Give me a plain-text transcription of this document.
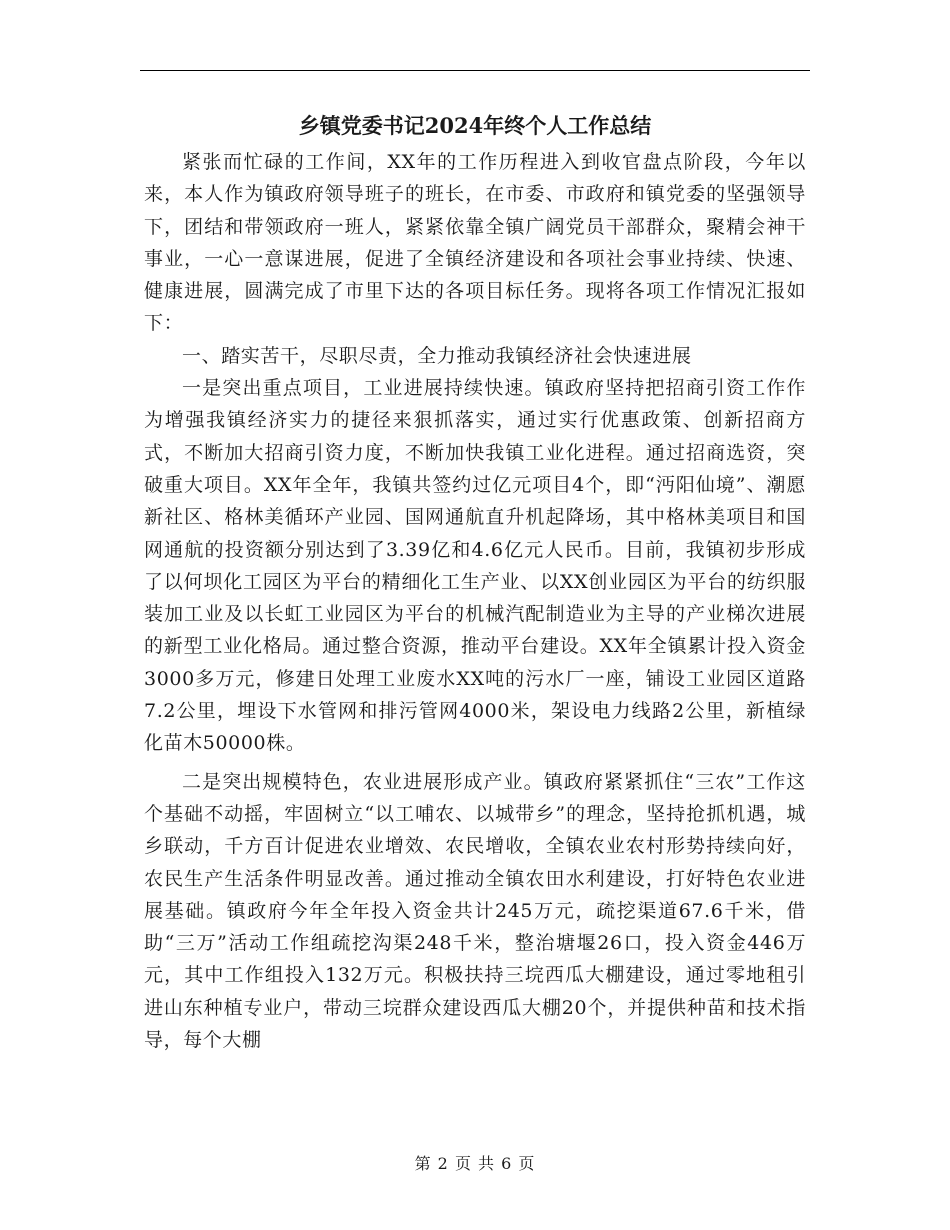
乡镇党委书记2024年终个人工作总结

紧张而忙碌的工作间，XX年的工作历程进入到收官盘点阶段，今年以来，本人作为镇政府领导班子的班长，在市委、市政府和镇党委的坚强领导下，团结和带领政府一班人，紧紧依靠全镇广阔党员干部群众，聚精会神干事业，一心一意谋进展，促进了全镇经济建设和各项社会事业持续、快速、健康进展，圆满完成了市里下达的各项目标任务。现将各项工作情况汇报如下：

一、踏实苦干，尽职尽责，全力推动我镇经济社会快速进展

一是突出重点项目，工业进展持续快速。镇政府坚持把招商引资工作作为增强我镇经济实力的捷径来狠抓落实，通过实行优惠政策、创新招商方式，不断加大招商引资力度，不断加快我镇工业化进程。通过招商选资，突破重大项目。XX年全年，我镇共签约过亿元项目4个，即“沔阳仙境”、潮愿新社区、格林美循环产业园、国网通航直升机起降场，其中格林美项目和国网通航的投资额分别达到了3.39亿和4.6亿元人民币。目前，我镇初步形成了以何坝化工园区为平台的精细化工生产业、以XX创业园区为平台的纺织服装加工业及以长虹工业园区为平台的机械汽配制造业为主导的产业梯次进展的新型工业化格局。通过整合资源，推动平台建设。XX年全镇累计投入资金3000多万元，修建日处理工业废水XX吨的污水厂一座，铺设工业园区道路7.2公里，埋设下水管网和排污管网4000米，架设电力线路2公里，新植绿化苗木50000株。

二是突出规模特色，农业进展形成产业。镇政府紧紧抓住“三农”工作这个基础不动摇，牢固树立“以工哺农、以城带乡”的理念，坚持抢抓机遇，城乡联动，千方百计促进农业增效、农民增收，全镇农业农村形势持续向好，农民生产生活条件明显改善。通过推动全镇农田水利建设，打好特色农业进展基础。镇政府今年全年投入资金共计245万元，疏挖渠道67.6千米，借助“三万”活动工作组疏挖沟渠248千米，整治塘堰26口，投入资金446万元，其中工作组投入132万元。积极扶持三垸西瓜大棚建设，通过零地租引进山东种植专业户，带动三垸群众建设西瓜大棚20个，并提供种苗和技术指导，每个大棚

第 2 页 共 6 页
